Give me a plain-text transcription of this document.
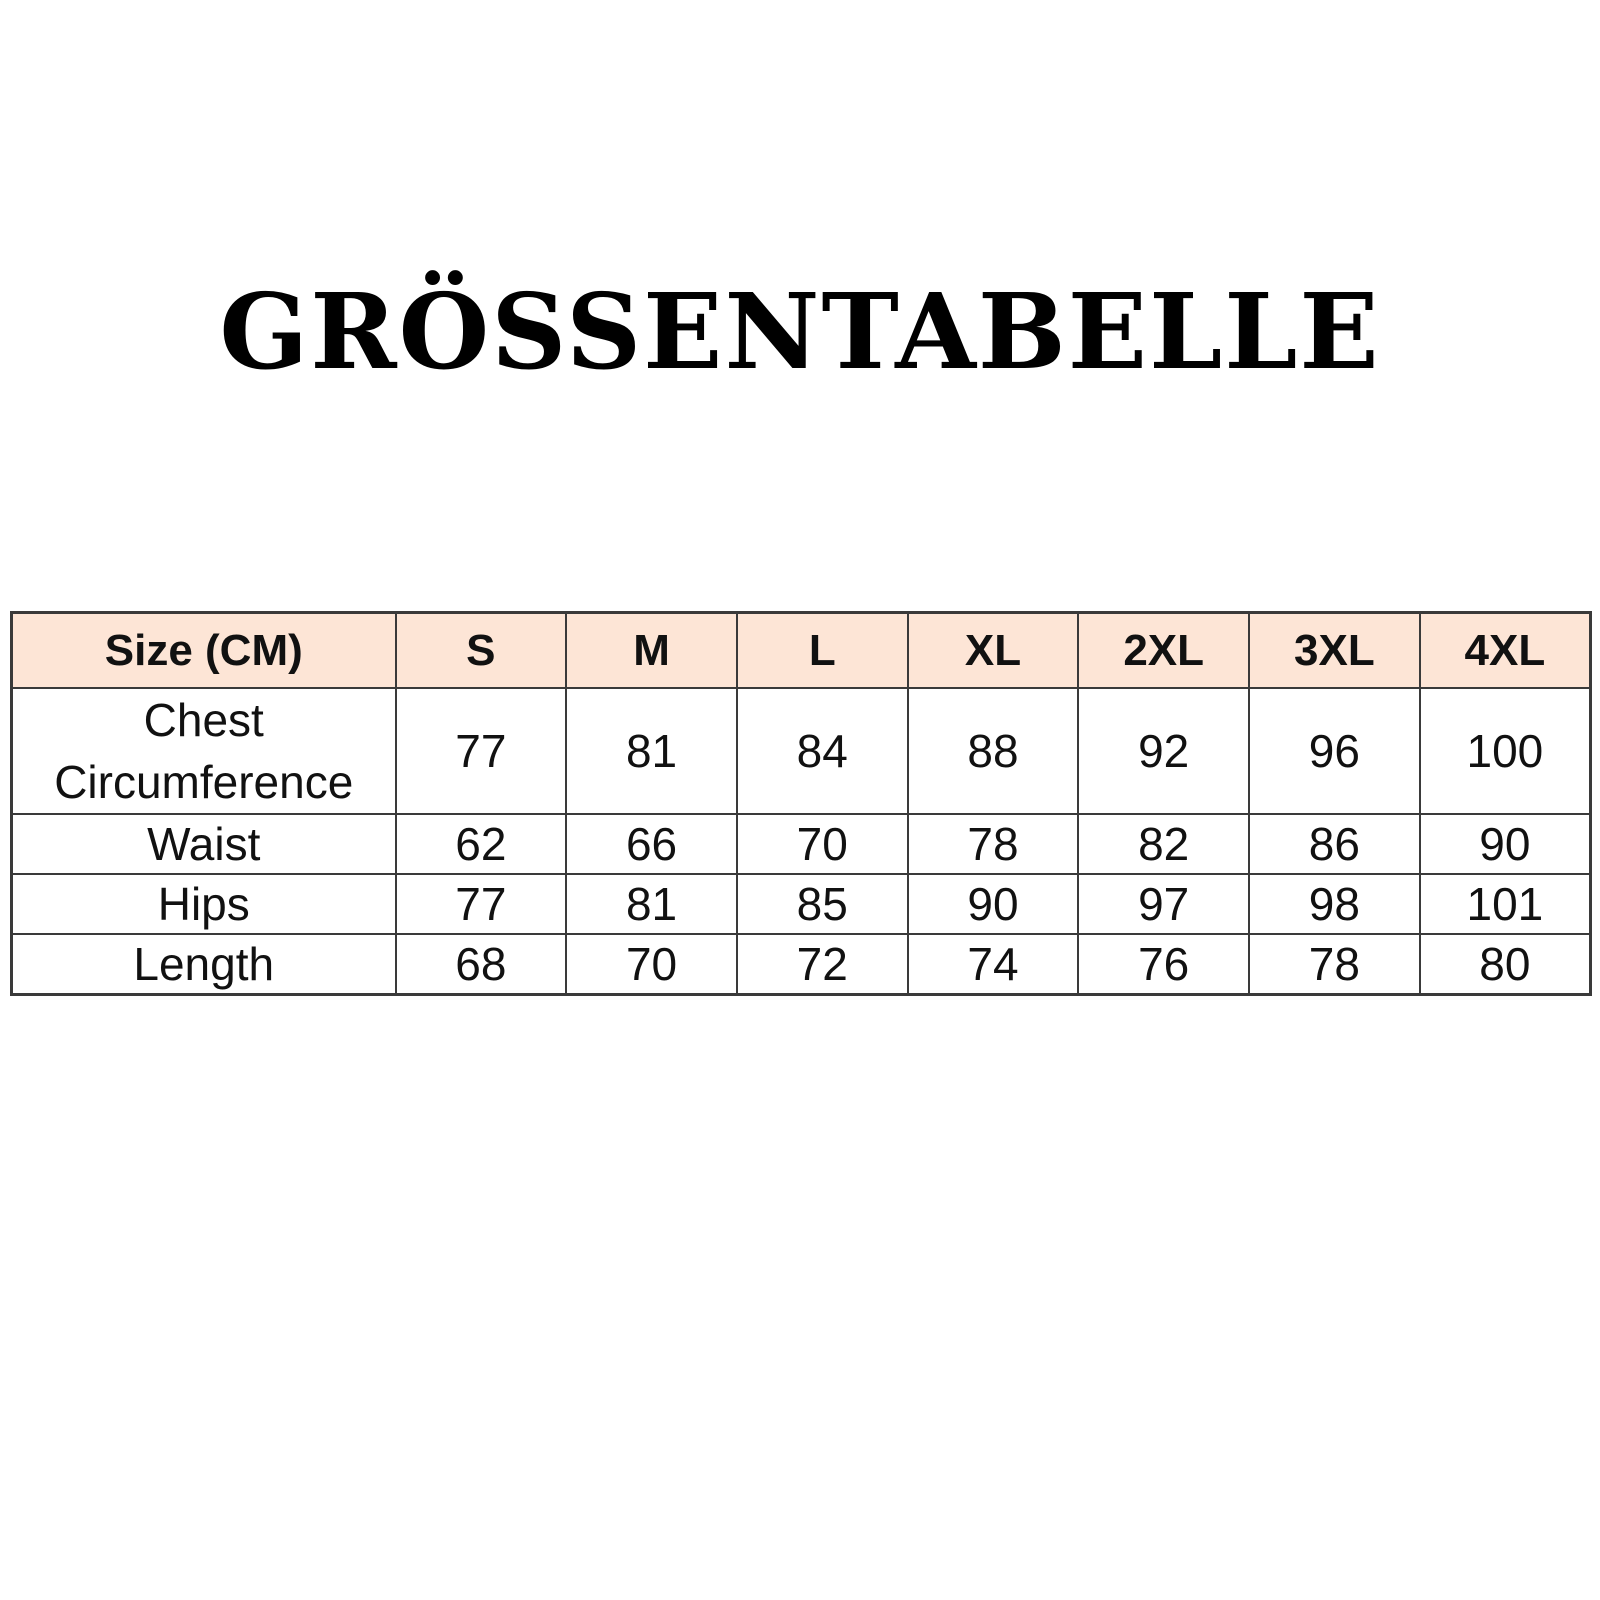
GRÖSSENTABELLE
Size (CM)	S	M	L	XL	2XL	3XL	4XL
Chest Circumference	77	81	84	88	92	96	100
Waist	62	66	70	78	82	86	90
Hips	77	81	85	90	97	98	101
Length	68	70	72	74	76	78	80
